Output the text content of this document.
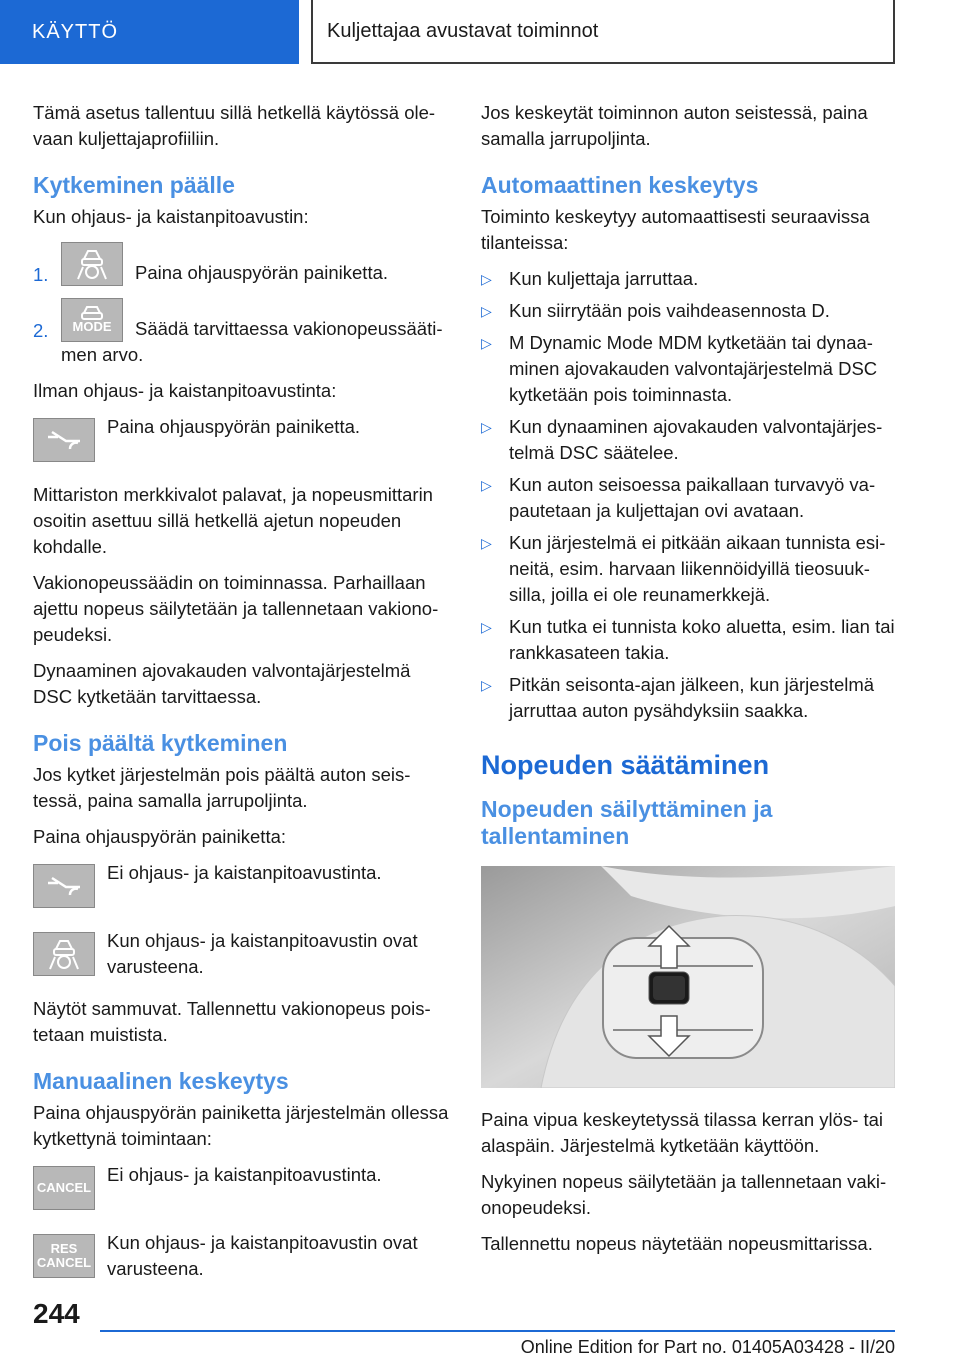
KÄYTTÖ	Kuljettajaa avustavat toiminnot

Tämä asetus tallentuu sillä hetkellä käytössä olevaan kuljettajaprofiiliin.

Kytkeminen päälle

Kun ohjaus- ja kaistanpitoavustin:

1.	Paina ohjauspyörän painiketta.
2. MODE Säädä tarvittaessa vakionopeussääti-
men arvo.

Ilman ohjaus- ja kaistanpitoavustinta:

Paina ohjauspyörän painiketta.

Mittariston merkkivalot palavat, ja nopeusmittarin osoitin asettuu sillä hetkellä ajetun nopeuden kohdalle.

Vakionopeussäädin on toiminnassa. Parhaillaan ajettu nopeus säilytetään ja tallennetaan vakionopeudeksi.

Dynaaminen ajovakauden valvontajärjestelmä DSC kytketään tarvittaessa.

Pois päältä kytkeminen

Jos kytket järjestelmän pois päältä auton seistessä, paina samalla jarrupoljinta.

Paina ohjauspyörän painiketta:

Ei ohjaus- ja kaistanpitoavustinta.
Kun ohjaus- ja kaistanpitoavustin ovat varusteena.

Näytöt sammuvat. Tallennettu vakionopeus poistetaan muistista.

Manuaalinen keskeytys

Paina ohjauspyörän painiketta järjestelmän ollessa kytkettynä toimintaan:

CANCEL
Ei ohjaus- ja kaistanpitoavustinta.
RES
CANCEL
Kun ohjaus- ja kaistanpitoavustin ovat varusteena.

Jos keskeytät toiminnon auton seistessä, paina samalla jarrupoljinta.

Automaattinen keskeytys

Toiminto keskeytyy automaattisesti seuraavissa tilanteissa:

▷ Kun kuljettaja jarruttaa.
▷ Kun siirrytään pois vaihdeasennosta D.
▷ M Dynamic Mode MDM kytketään tai dynaaminen ajovakauden valvontajärjestelmä DSC kytketään pois toiminnasta.
▷ Kun dynaaminen ajovakauden valvontajärjestelmä DSC säätelee.
▷ Kun auton seisoessa paikallaan turvavyö vapautetaan ja kuljettajan ovi avataan.
▷ Kun järjestelmä ei pitkään aikaan tunnista esineitä, esim. harvaan liikennöidyillä tieosuuksilla, joilla ei ole reunamerkkejä.
▷ Kun tutka ei tunnista koko aluetta, esim. lian tai rankkasateen takia.
▷ Pitkän seisonta-ajan jälkeen, kun järjestelmä jarruttaa auton pysähdyksiin saakka.
Nopeuden säätäminen
Nopeuden säilyttäminen ja tallentaminen

Paina vipua keskeytetyssä tilassa kerran ylös- tai alaspäin. Järjestelmä kytketään käyttöön.

Nykyinen nopeus säilytetään ja tallennetaan vakionopeudeksi.

Tallennettu nopeus näytetään nopeusmittarissa.

244
Online Edition for Part no. 01405A03428 - II/20
